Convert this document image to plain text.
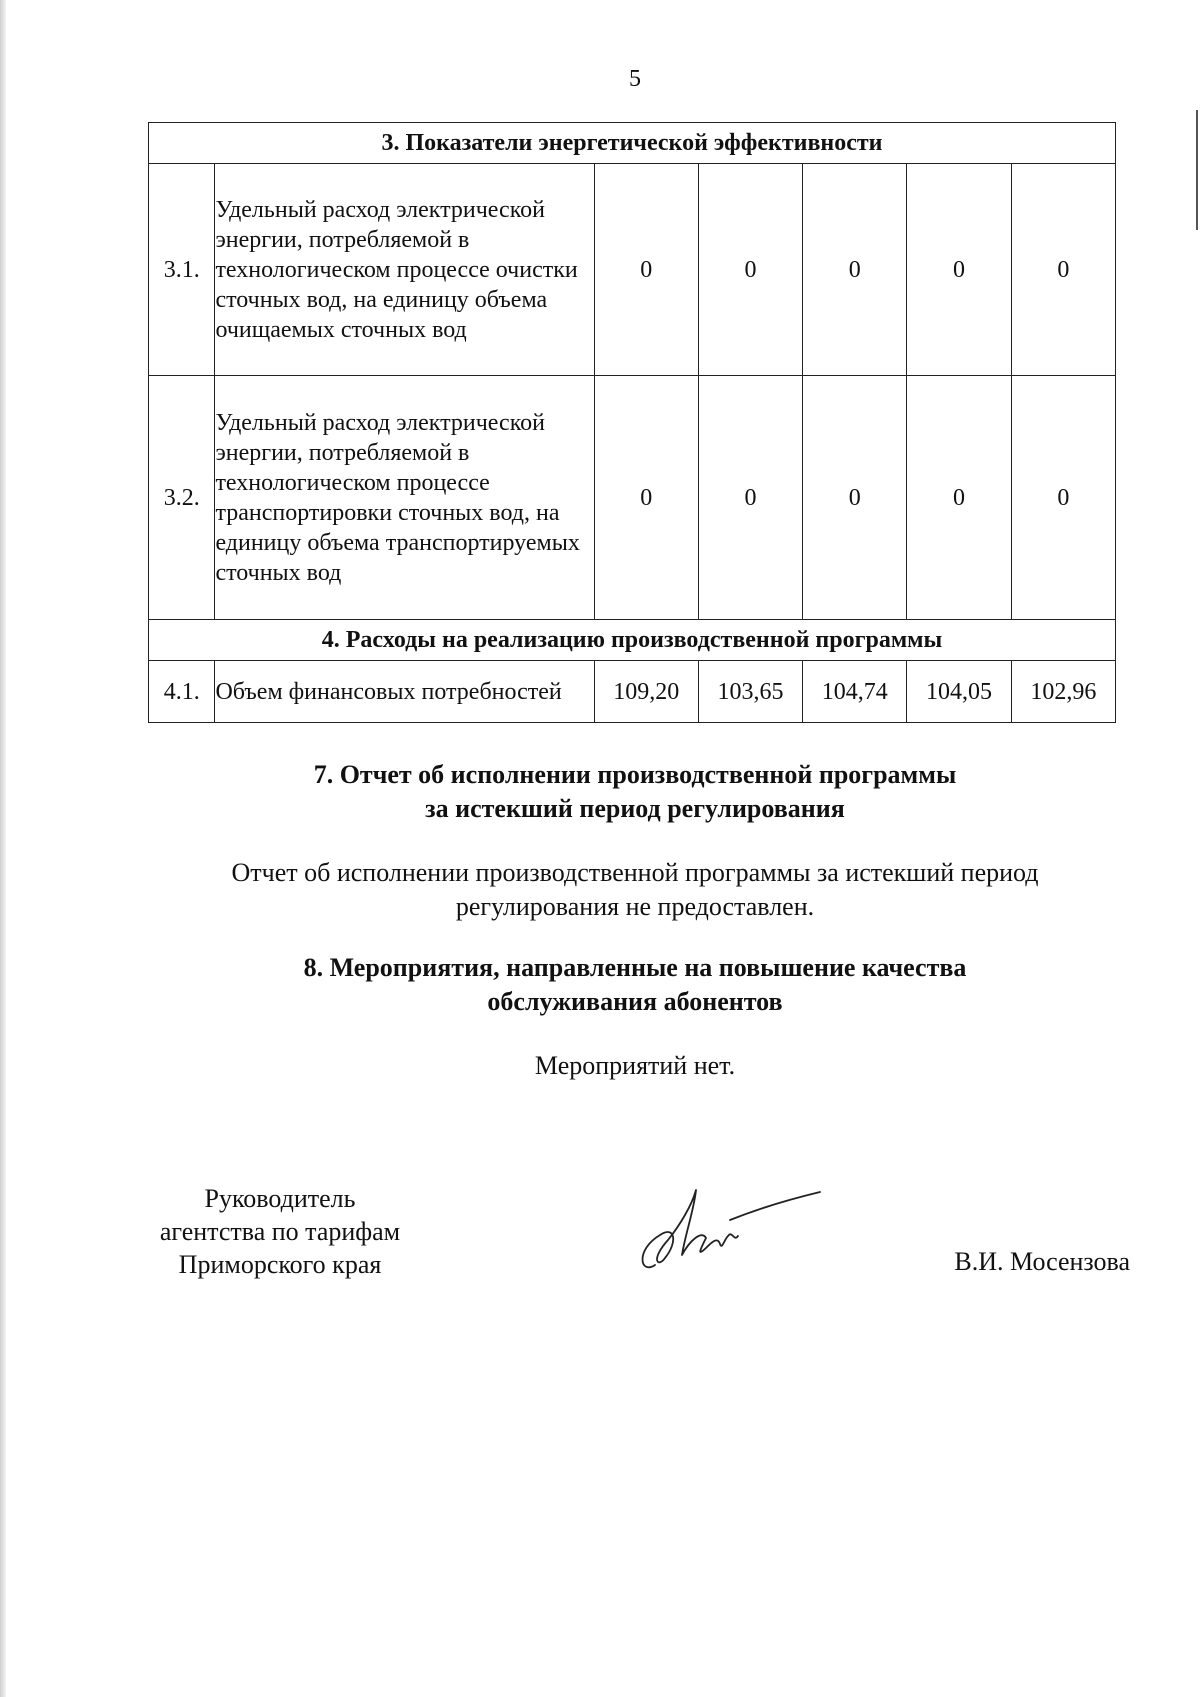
5
3. Показатели энергетической эффективности						
3.1.	Удельный расход электрической энергии, потребляемой в технологическом процессе очистки сточных вод, на единицу объема очищаемых сточных вод	0	0	0	0	0
3.2.	Удельный расход электрической энергии, потребляемой в технологическом процессе транспортировки сточных вод, на единицу объема транспортируемых сточных вод	0	0	0	0	0
4. Расходы на реализацию производственной программы						
4.1.	Объем финансовых потребностей	109,20	103,65	104,74	104,05	102,96
7. Отчет об исполнении производственной программы
за истекший период регулирования
Отчет об исполнении производственной программы за истекший период
регулирования не предоставлен.
8. Мероприятия, направленные на повышение качества
обслуживания абонентов
Мероприятий нет.
Руководитель
агентства по тарифам
Приморского края	В.И. Мосензова
